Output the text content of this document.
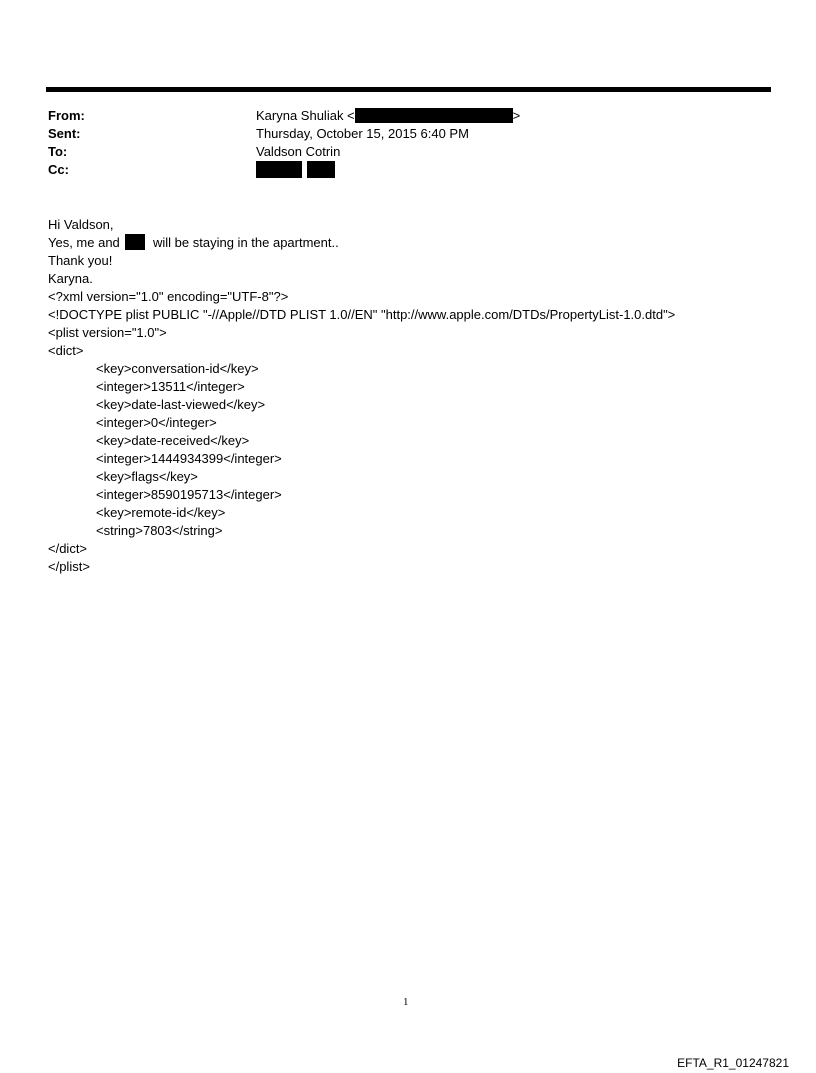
From:	Karyna Shuliak <	>
Sent:	Thursday, October 15, 2015 6:40 PM
To:	Valdson Cotrin
Cc:

Hi Valdson,
Yes, me and  will be staying in the apartment..
Thank you!
Karyna.
<?xml version="1.0" encoding="UTF-8"?>
<!DOCTYPE plist PUBLIC "-//Apple//DTD PLIST 1.0//EN" "http://www.apple.com/DTDs/PropertyList-1.0.dtd">
<plist version="1.0">
<dict>
<key>conversation-id</key>
<integer>13511</integer>
<key>date-last-viewed</key>
<integer>0</integer>
<key>date-received</key>
<integer>1444934399</integer>
<key>flags</key>
<integer>8590195713</integer>
<key>remote-id</key>
<string>7803</string>
</dict>
</plist>
1
EFTA_R1_01247821
